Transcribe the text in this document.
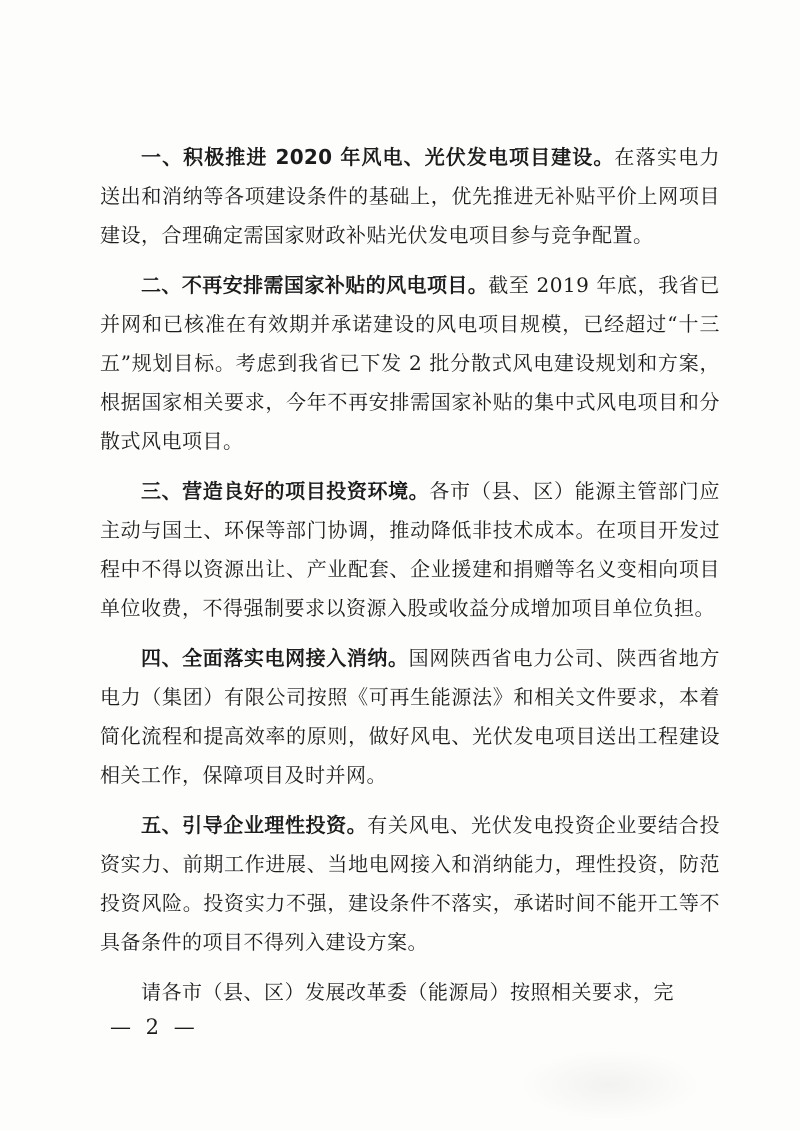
一、积极推进 2020 年风电、光伏发电项目建设。在落实电力送出和消纳等各项建设条件的基础上，优先推进无补贴平价上网项目建设，合理确定需国家财政补贴光伏发电项目参与竞争配置。

二、不再安排需国家补贴的风电项目。截至 2019 年底，我省已并网和已核准在有效期并承诺建设的风电项目规模，已经超过“十三五”规划目标。考虑到我省已下发 2 批分散式风电建设规划和方案，根据国家相关要求，今年不再安排需国家补贴的集中式风电项目和分散式风电项目。

三、营造良好的项目投资环境。各市（县、区）能源主管部门应主动与国土、环保等部门协调，推动降低非技术成本。在项目开发过程中不得以资源出让、产业配套、企业援建和捐赠等名义变相向项目单位收费，不得强制要求以资源入股或收益分成增加项目单位负担。

四、全面落实电网接入消纳。国网陕西省电力公司、陕西省地方电力（集团）有限公司按照《可再生能源法》和相关文件要求，本着简化流程和提高效率的原则，做好风电、光伏发电项目送出工程建设相关工作，保障项目及时并网。

五、引导企业理性投资。有关风电、光伏发电投资企业要结合投资实力、前期工作进展、当地电网接入和消纳能力，理性投资，防范投资风险。投资实力不强，建设条件不落实，承诺时间不能开工等不具备条件的项目不得列入建设方案。

请各市（县、区）发展改革委（能源局）按照相关要求，完

— 2 —
